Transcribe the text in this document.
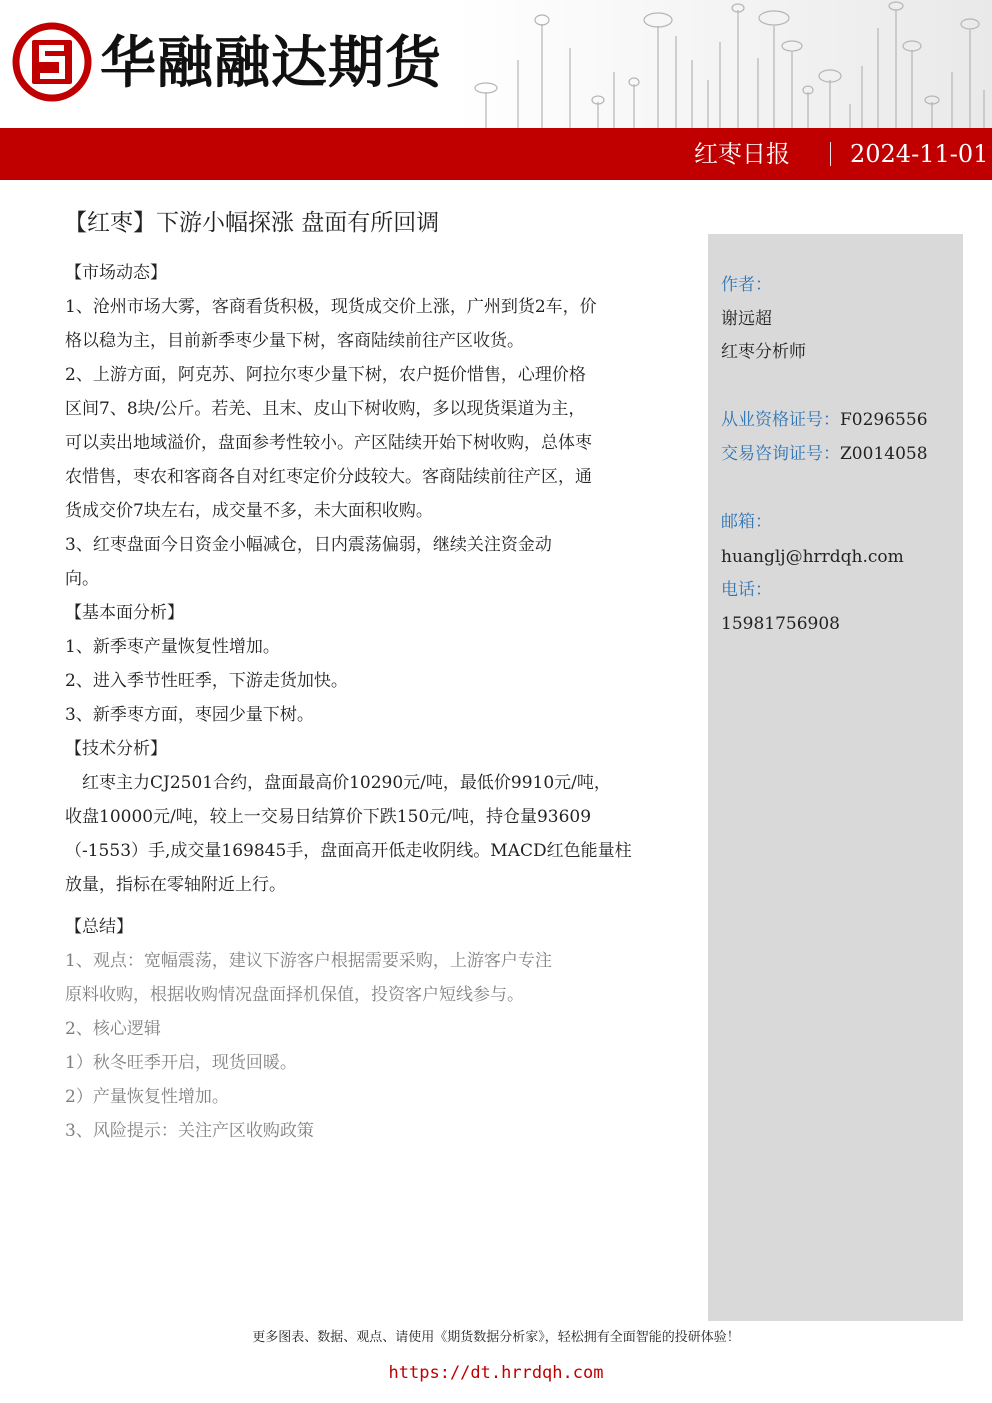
华融融达期货
红枣日报	2024-11-01
【红枣】下游小幅探涨 盘面有所回调
【市场动态】
1、沧州市场大雾，客商看货积极，现货成交价上涨，广州到货2车，价
格以稳为主，目前新季枣少量下树，客商陆续前往产区收货。
2、上游方面，阿克苏、阿拉尔枣少量下树，农户挺价惜售，心理价格
区间7、8块/公斤。若羌、且末、皮山下树收购，多以现货渠道为主，
可以卖出地域溢价，盘面参考性较小。产区陆续开始下树收购，总体枣
农惜售，枣农和客商各自对红枣定价分歧较大。客商陆续前往产区，通
货成交价7块左右，成交量不多，未大面积收购。
3、红枣盘面今日资金小幅减仓，日内震荡偏弱，继续关注资金动
向。
【基本面分析】
1、新季枣产量恢复性增加。
2、进入季节性旺季，下游走货加快。
3、新季枣方面，枣园少量下树。
【技术分析】
　红枣主力CJ2501合约，盘面最高价10290元/吨，最低价9910元/吨，
收盘10000元/吨，较上一交易日结算价下跌150元/吨，持仓量93609
（-1553）手,成交量169845手，盘面高开低走收阴线。MACD红色能量柱
放量，指标在零轴附近上行。
【总结】
1、观点：宽幅震荡，建议下游客户根据需要采购，上游客户专注
原料收购，根据收购情况盘面择机保值，投资客户短线参与。
2、核心逻辑
1）秋冬旺季开启，现货回暖。
2）产量恢复性增加。
3、风险提示：关注产区收购政策
作者：
谢远超
红枣分析师
从业资格证号：F0296556
交易咨询证号：Z0014058
邮箱：
huanglj@hrrdqh.com
电话：
15981756908
更多图表、数据、观点、请使用《期货数据分析家》，轻松拥有全面智能的投研体验！
https://dt.hrrdqh.com
